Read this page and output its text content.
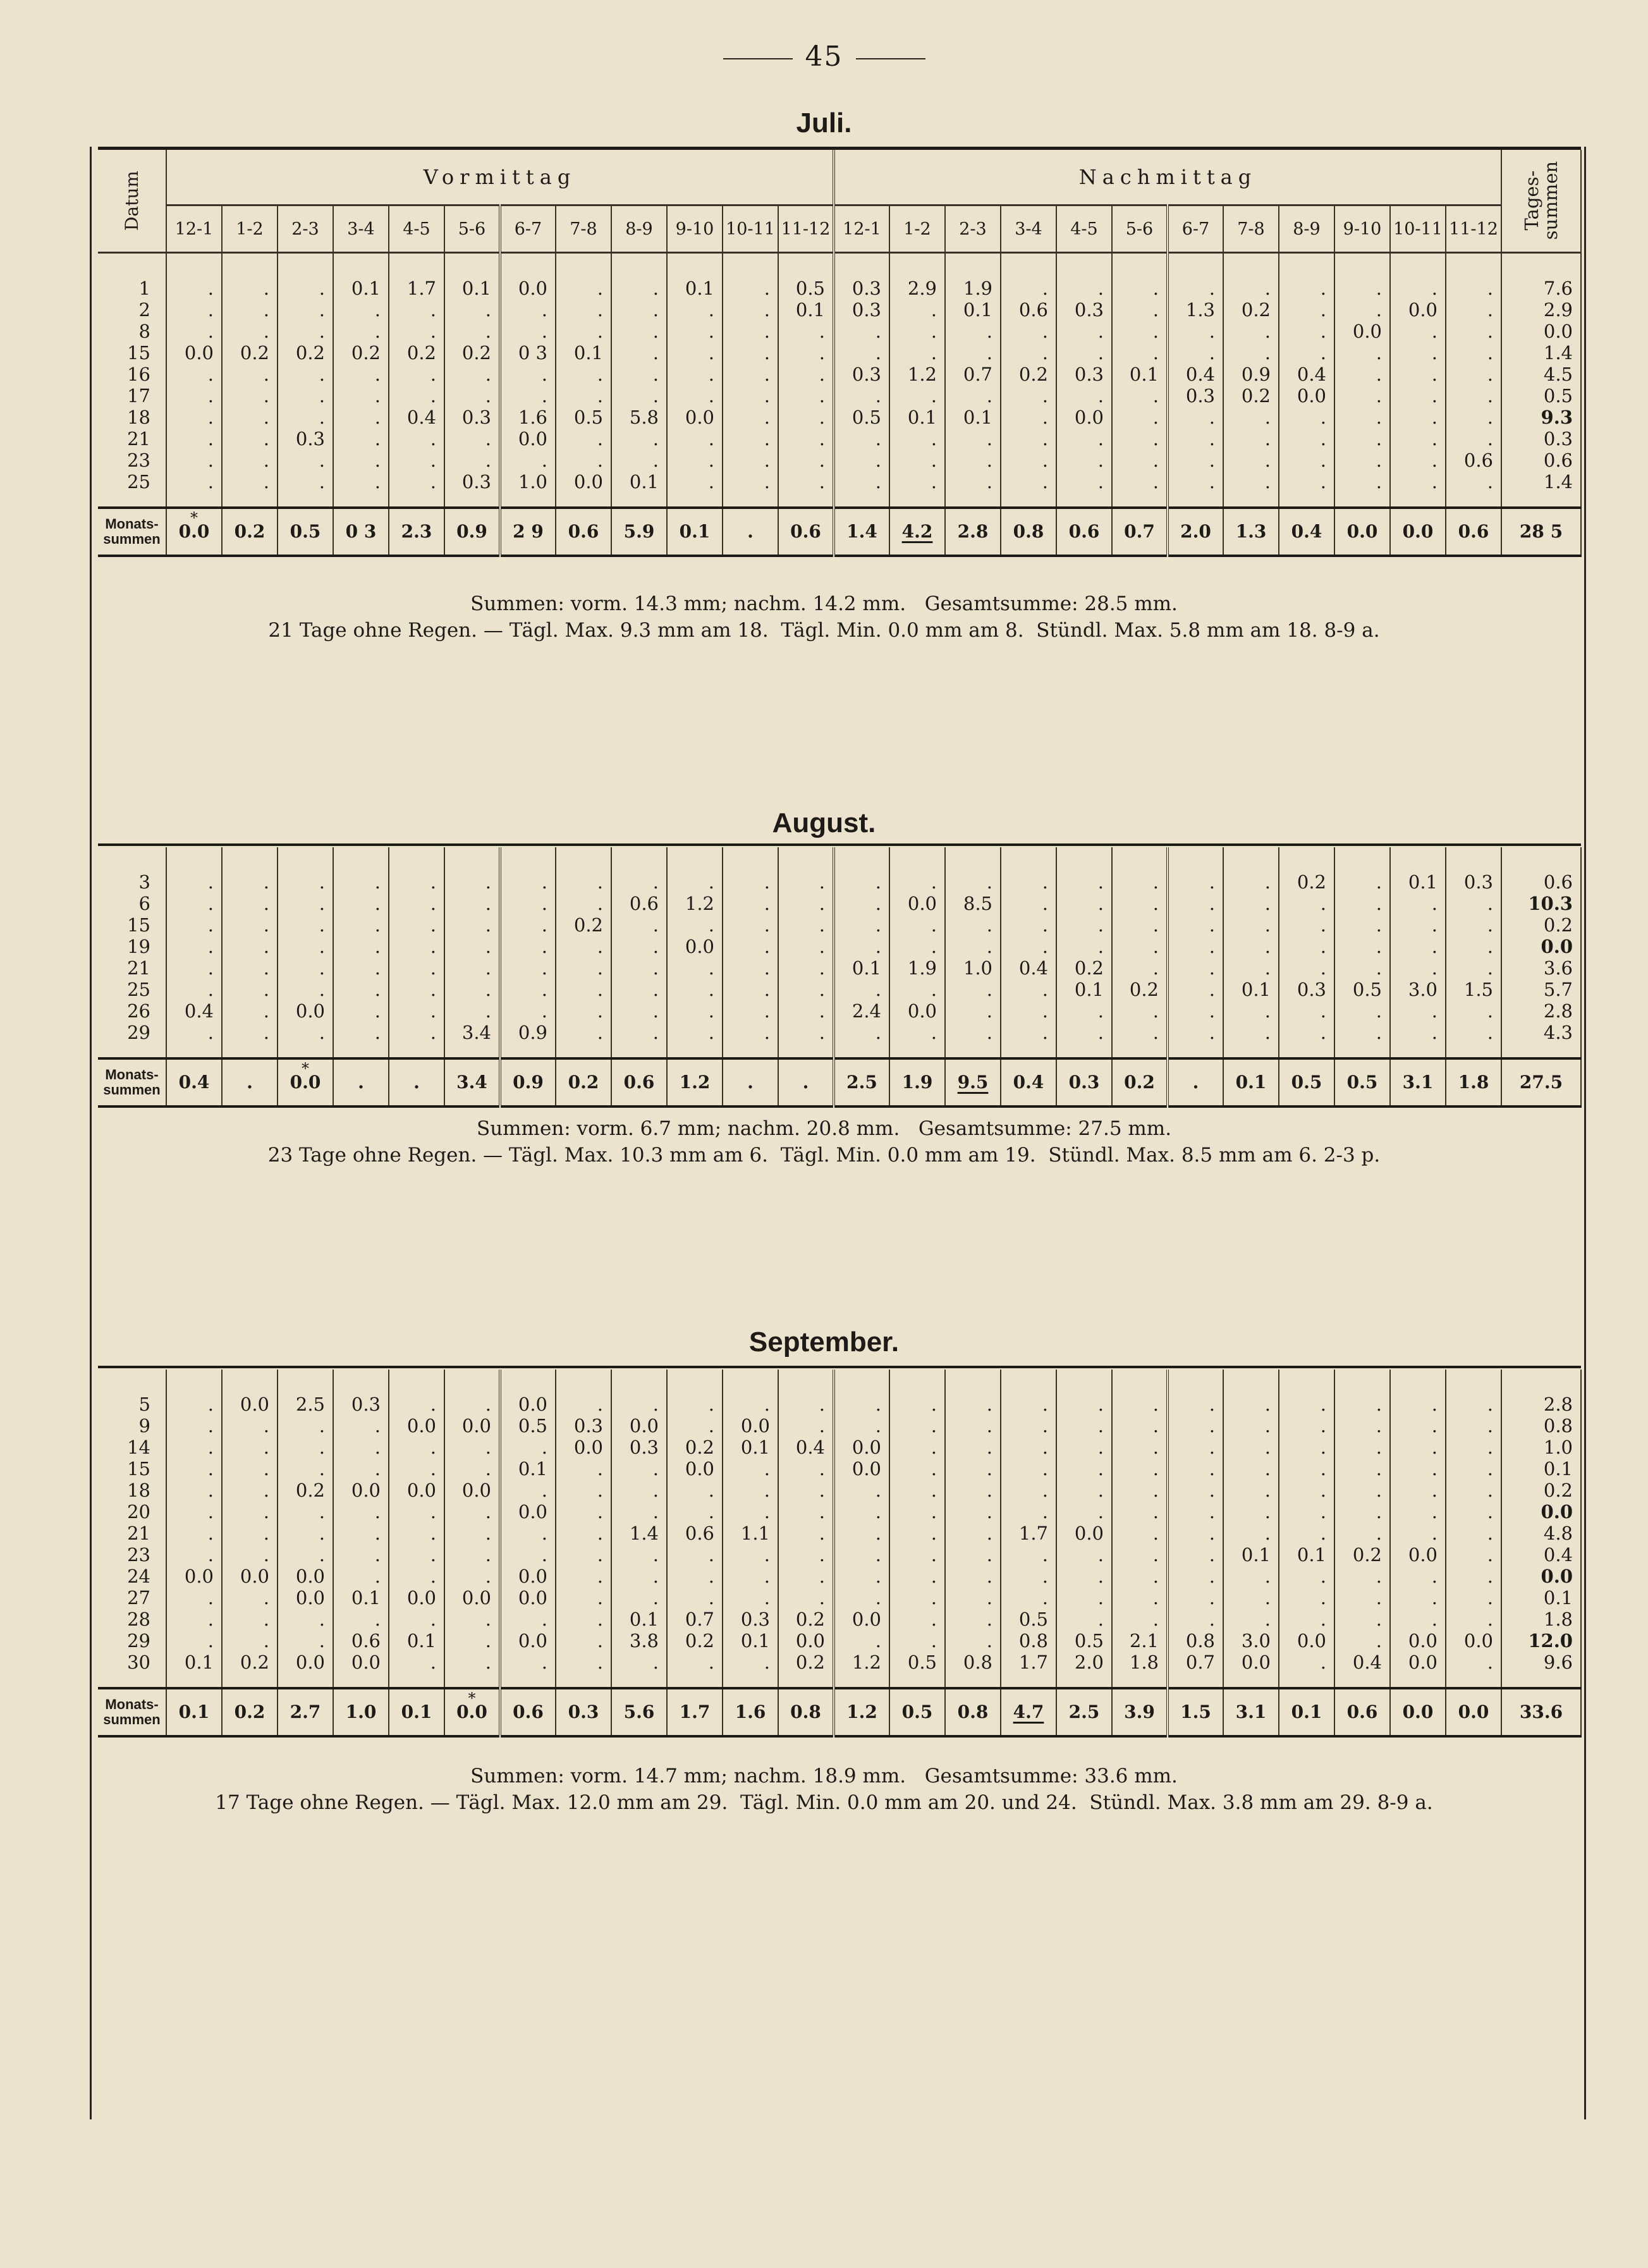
45
Juli.

Datum	Vormittag												Nachmittag												Tages-
summen
	12-1	1-2	2-3	3-4	4-5	5-6	6-7	7-8	8-9	9-10	10-11	11-12	12-1	1-2	2-3	3-4	4-5	5-6	6-7	7-8	8-9	9-10	10-11	11-12	
1	.	.	.	0.1	1.7	0.1	0.0	.	.	0.1	.	0.5	0.3	2.9	1.9	.	.	.	.	.	.	.	.	.	7.6
2	.	.	.	.	.	.	.	.	.	.	.	0.1	0.3	.	0.1	0.6	0.3	.	1.3	0.2	.	.	0.0	.	2.9
8	.	.	.	.	.	.	.	.	.	.	.	.	.	.	.	.	.	.	.	.	.	0.0	.	.	0.0
15	0.0	0.2	0.2	0.2	0.2	0.2	0 3	0.1	.	.	.	.	.	.	.	.	.	.	.	.	.	.	.	.	1.4
16	.	.	.	.	.	.	.	.	.	.	.	.	0.3	1.2	0.7	0.2	0.3	0.1	0.4	0.9	0.4	.	.	.	4.5
17	.	.	.	.	.	.	.	.	.	.	.	.	.	.	.	.	.	.	0.3	0.2	0.0	.	.	.	0.5
18	.	.	.	.	0.4	0.3	1.6	0.5	5.8	0.0	.	.	0.5	0.1	0.1	.	0.0	.	.	.	.	.	.	.	9.3
21	.	.	0.3	.	.	.	0.0	.	.	.	.	.	.	.	.	.	.	.	.	.	.	.	.	.	0.3
23	.	.	.	.	.	.	.	.	.	.	.	.	.	.	.	.	.	.	.	.	.	.	.	0.6	0.6
25	.	.	.	.	.	0.3	1.0	0.0	0.1	.	.	.	.	.	.	.	.	.	.	.	.	.	.	.	1.4
Monats-
summen	* 0.0	0.2	0.5	0 3	2.3	0.9	2 9	0.6	5.9	0.1	.	0.6	1.4	4.2	2.8	0.8	0.6	0.7	2.0	1.3	0.4	0.0	0.0	0.6	28 5
Summen: vorm. 14.3 mm; nachm. 14.2 mm.   Gesamtsumme: 28.5 mm.
21 Tage ohne Regen. — Tägl. Max. 9.3 mm am 18.  Tägl. Min. 0.0 mm am 8.  Stündl. Max. 5.8 mm am 18. 8-9 a.
August.
3	.	.	.	.	.	.	.	.	.	.	.	.	.	.	.	.	.	.	.	.	0.2	.	0.1	0.3	0.6
6	.	.	.	.	.	.	.	.	0.6	1.2	.	.	.	0.0	8.5	.	.	.	.	.	.	.	.	.	10.3
15	.	.	.	.	.	.	.	0.2	.	.	.	.	.	.	.	.	.	.	.	.	.	.	.	.	0.2
19	.	.	.	.	.	.	.	.	.	0.0	.	.	.	.	.	.	.	.	.	.	.	.	.	.	0.0
21	.	.	.	.	.	.	.	.	.	.	.	.	0.1	1.9	1.0	0.4	0.2	.	.	.	.	.	.	.	3.6
25	.	.	.	.	.	.	.	.	.	.	.	.	.	.	.	.	0.1	0.2	.	0.1	0.3	0.5	3.0	1.5	5.7
26	0.4	.	0.0	.	.	.	.	.	.	.	.	.	2.4	0.0	.	.	.	.	.	.	.	.	.	.	2.8
29	.	.	.	.	.	3.4	0.9	.	.	.	.	.	.	.	.	.	.	.	.	.	.	.	.	.	4.3
Monats-
summen	0.4	.	* 0.0	.	.	3.4	0.9	0.2	0.6	1.2	.	.	2.5	1.9	9.5	0.4	0.3	0.2	.	0.1	0.5	0.5	3.1	1.8	27.5
Summen: vorm. 6.7 mm; nachm. 20.8 mm.   Gesamtsumme: 27.5 mm.
23 Tage ohne Regen. — Tägl. Max. 10.3 mm am 6.  Tägl. Min. 0.0 mm am 19.  Stündl. Max. 8.5 mm am 6. 2-3 p.
September.
5	.	0.0	2.5	0.3	.	.	0.0	.	.	.	.	.	.	.	.	.	.	.	.	.	.	.	.	.	2.8
9	.	.	.	.	0.0	0.0	0.5	0.3	0.0	.	0.0	.	.	.	.	.	.	.	.	.	.	.	.	.	0.8
14	.	.	.	.	.	.	.	0.0	0.3	0.2	0.1	0.4	0.0	.	.	.	.	.	.	.	.	.	.	.	1.0
15	.	.	.	.	.	.	0.1	.	.	0.0	.	.	0.0	.	.	.	.	.	.	.	.	.	.	.	0.1
18	.	.	0.2	0.0	0.0	0.0	.	.	.	.	.	.	.	.	.	.	.	.	.	.	.	.	.	.	0.2
20	.	.	.	.	.	.	0.0	.	.	.	.	.	.	.	.	.	.	.	.	.	.	.	.	.	0.0
21	.	.	.	.	.	.	.	.	1.4	0.6	1.1	.	.	.	.	1.7	0.0	.	.	.	.	.	.	.	4.8
23	.	.	.	.	.	.	.	.	.	.	.	.	.	.	.	.	.	.	.	0.1	0.1	0.2	0.0	.	0.4
24	0.0	0.0	0.0	.	.	.	0.0	.	.	.	.	.	.	.	.	.	.	.	.	.	.	.	.	.	0.0
27	.	.	0.0	0.1	0.0	0.0	0.0	.	.	.	.	.	.	.	.	.	.	.	.	.	.	.	.	.	0.1
28	.	.	.	.	.	.	.	.	0.1	0.7	0.3	0.2	0.0	.	.	0.5	.	.	.	.	.	.	.	.	1.8
29	.	.	.	0.6	0.1	.	0.0	.	3.8	0.2	0.1	0.0	.	.	.	0.8	0.5	2.1	0.8	3.0	0.0	.	0.0	0.0	12.0
30	0.1	0.2	0.0	0.0	.	.	.	.	.	.	.	0.2	1.2	0.5	0.8	1.7	2.0	1.8	0.7	0.0	.	0.4	0.0	.	9.6
Monats-
summen	0.1	0.2	2.7	1.0	0.1	* 0.0	0.6	0.3	5.6	1.7	1.6	0.8	1.2	0.5	0.8	4.7	2.5	3.9	1.5	3.1	0.1	0.6	0.0	0.0	33.6
Summen: vorm. 14.7 mm; nachm. 18.9 mm.   Gesamtsumme: 33.6 mm.
17 Tage ohne Regen. — Tägl. Max. 12.0 mm am 29.  Tägl. Min. 0.0 mm am 20. und 24.  Stündl. Max. 3.8 mm am 29. 8-9 a.
